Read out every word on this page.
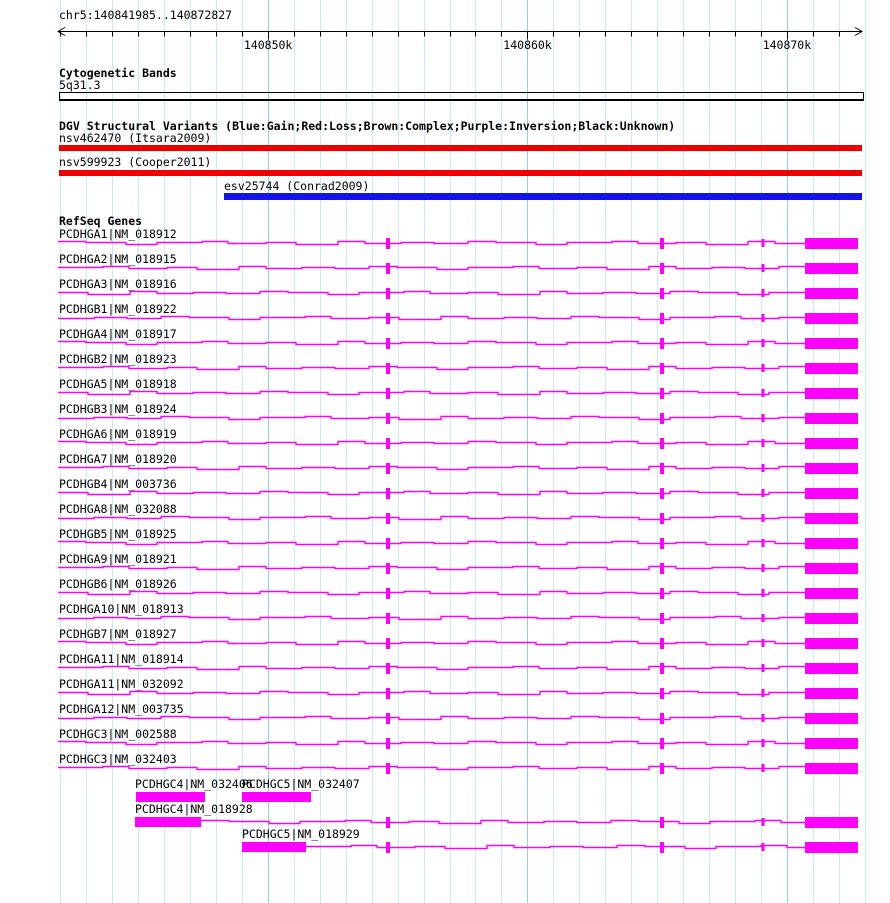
chr5:140841985..140872827
Cytogenetic Bands
5q31.3
DGV Structural Variants (Blue:Gain;Red:Loss;Brown:Complex;Purple:Inversion;Black:Unknown)
nsv462470 (Itsara2009)
nsv599923 (Cooper2011)
esv25744 (Conrad2009)
RefSeq Genes
PCDHGA1|NM_018912
PCDHGA2|NM_018915
PCDHGA3|NM_018916
PCDHGB1|NM_018922
PCDHGA4|NM_018917
PCDHGB2|NM_018923
PCDHGA5|NM_018918
PCDHGB3|NM_018924
PCDHGA6|NM_018919
PCDHGA7|NM_018920
PCDHGB4|NM_003736
PCDHGA8|NM_032088
PCDHGB5|NM_018925
PCDHGA9|NM_018921
PCDHGB6|NM_018926
PCDHGA10|NM_018913
PCDHGB7|NM_018927
PCDHGA11|NM_018914
PCDHGA11|NM_032092
PCDHGA12|NM_003735
PCDHGC3|NM_002588
PCDHGC3|NM_032403
PCDHGC4|NM_032406
PCDHGC5|NM_032407
PCDHGC4|NM_018928
PCDHGC5|NM_018929
140850k	140860k	140870k
